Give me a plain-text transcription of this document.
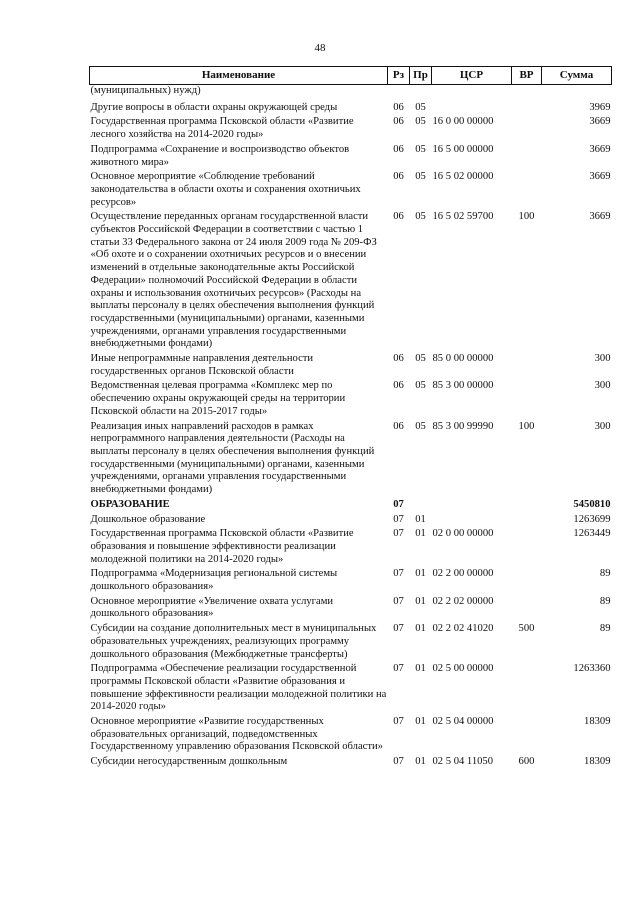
48
Наименование	Рз	Пр	ЦСР	ВР	Сумма
(муниципальных) нужд)					
Другие вопросы в области охраны окружающей среды	06	05			3969
Государственная программа Псковской области «Развитие лесного хозяйства на 2014-2020 годы»	06	05	16 0 00 00000		3669
Подпрограмма «Сохранение и воспроизводство объектов животного мира»	06	05	16 5 00 00000		3669
Основное мероприятие «Соблюдение требований законодательства в области охоты и сохранения охотничьих ресурсов»	06	05	16 5 02 00000		3669
Осуществление переданных органам государственной власти субъектов Российской Федерации в соответствии с частью 1 статьи 33 Федерального закона от 24 июля 2009 года № 209-ФЗ «Об охоте и о сохранении охотничьих ресурсов и о внесении изменений в отдельные законодательные акты Российской Федерации» полномочий Российской Федерации в области охраны и использования охотничьих ресурсов» (Расходы на выплаты персоналу в целях обеспечения выполнения функций государственными (муниципальными) органами, казенными учреждениями, органами управления государственными внебюджетными фондами)	06	05	16 5 02 59700	100	3669
Иные непрограммные направления деятельности государственных органов Псковской области	06	05	85 0 00 00000		300
Ведомственная целевая программа «Комплекс мер по обеспечению охраны окружающей среды на территории Псковской области на 2015-2017 годы»	06	05	85 3 00 00000		300
Реализация иных направлений расходов в рамках непрограммного направления деятельности (Расходы на выплаты персоналу в целях обеспечения выполнения функций государственными (муниципальными) органами, казенными учреждениями, органами управления государственными внебюджетными фондами)	06	05	85 3 00 99990	100	300
ОБРАЗОВАНИЕ	07				5450810
Дошкольное образование	07	01			1263699
Государственная программа Псковской области «Развитие образования и повышение эффективности реализации молодежной политики на 2014-2020 годы»	07	01	02 0 00 00000		1263449
Подпрограмма «Модернизация региональной системы дошкольного образования»	07	01	02 2 00 00000		89
Основное мероприятие «Увеличение охвата услугами дошкольного образования»	07	01	02 2 02 00000		89
Субсидии на создание дополнительных мест в муниципальных образовательных учреждениях, реализующих программу дошкольного образования (Межбюджетные трансферты)	07	01	02 2 02 41020	500	89
Подпрограмма «Обеспечение реализации государственной программы Псковской области «Развитие образования и повышение эффективности реализации молодежной политики на 2014-2020 годы»	07	01	02 5 00 00000		1263360
Основное мероприятие «Развитие государственных образовательных организаций, подведомственных Государственному управлению образования Псковской области»	07	01	02 5 04 00000		18309
Субсидии негосударственным дошкольным	07	01	02 5 04 11050	600	18309
